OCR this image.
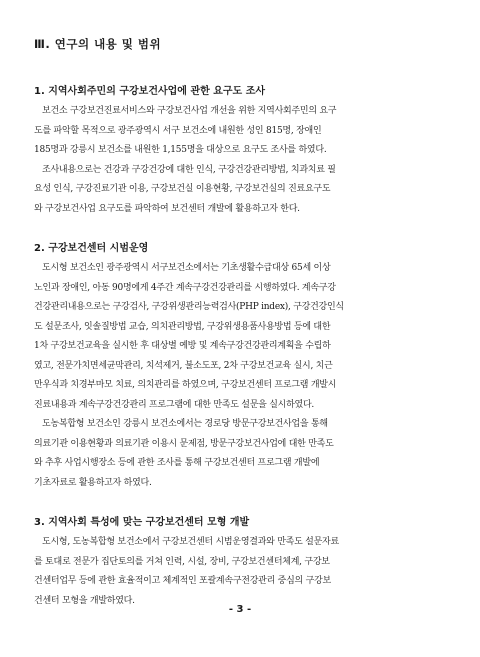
Ⅲ. 연구의 내용 및 범위
1. 지역사회주민의 구강보건사업에 관한 요구도 조사
보건소 구강보건진료서비스와 구강보건사업 개선을 위한 지역사회주민의 요구
도를 파악할 목적으로 광주광역시 서구 보건소에 내원한 성인 815명, 장애인
185명과 강릉시 보건소를 내원한 1,155명을 대상으로 요구도 조사를 하였다.
조사내용으로는 건강과 구강건강에 대한 인식, 구강건강관리방법, 치과치료 필
요성 인식, 구강진료기관 이용, 구강보건실 이용현황, 구강보건실의 진료요구도
와 구강보건사업 요구도를 파악하여 보건센터 개발에 활용하고자 한다.
2. 구강보건센터 시범운영
도시형 보건소인 광주광역시 서구보건소에서는 기초생활수급대상 65세 이상
노인과 장애인, 아동 90명에게 4주간 계속구강건강관리를 시행하였다. 계속구강
건강관리내용으로는 구강검사, 구강위생관리능력검사(PHP index), 구강건강인식
도 설문조사, 잇솔질방법 교습, 의치관리방법, 구강위생용품사용방법 등에 대한
1차 구강보건교육을 실시한 후 대상별 예방 및 계속구강건강관리계획을 수립하
였고, 전문가치면세균막관리, 치석제거, 불소도포, 2차 구강보건교육 실시, 치근
만우식과 치경부마모 치료, 의치관리를 하였으며, 구강보건센터 프로그램 개발시
진료내용과 계속구강건강관리 프로그램에 대한 만족도 설문을 실시하였다.
도농복합형 보건소인 강릉시 보건소에서는 경로당 방문구강보건사업을 통해
의료기관 이용현황과 의료기관 이용시 문제점, 방문구강보건사업에 대한 만족도
와 추후 사업시행장소 등에 관한 조사를 통해 구강보건센터 프로그램 개발에
기초자료로 활용하고자 하였다.
3. 지역사회 특성에 맞는 구강보건센터 모형 개발
도시형, 도농복합형 보건소에서 구강보건센터 시범운영결과와 만족도 설문자료
를 토대로 전문가 집단토의를 거쳐 인력, 시설, 장비, 구강보건센터체계, 구강보
건센터업무 등에 관한 효율적이고 체계적인 포괄계속구전강관리 중심의 구강보
건센터 모형을 개발하였다.
- 3 -
